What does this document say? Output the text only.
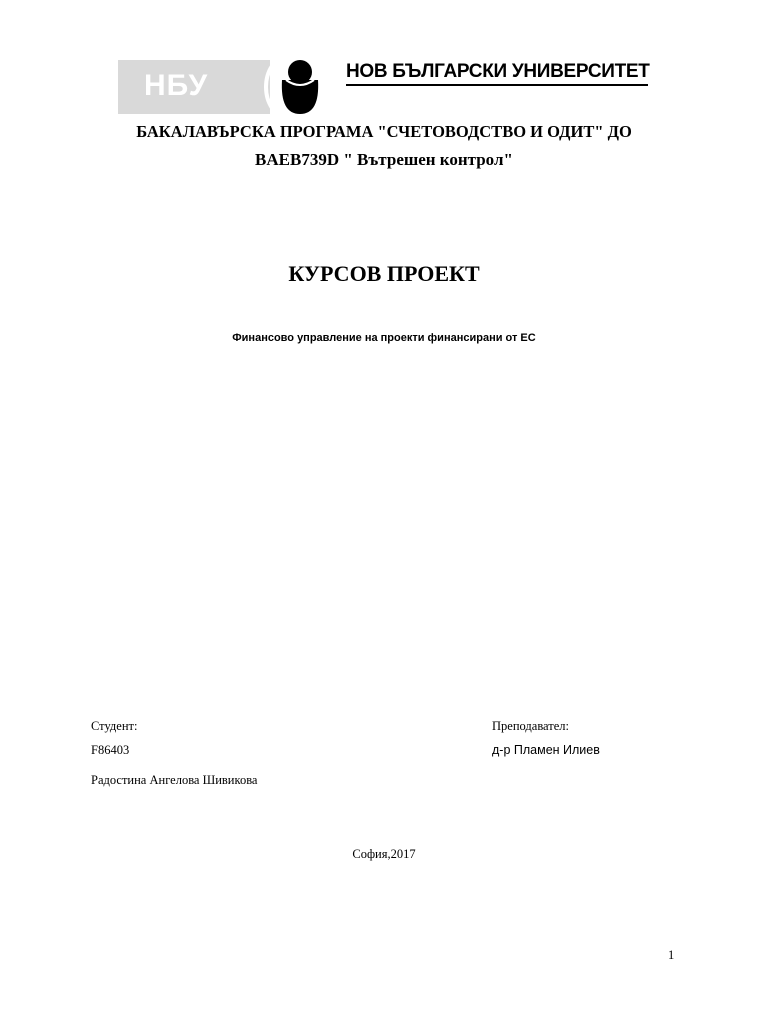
НБУ	НОВ БЪЛГАРСКИ УНИВЕРСИТЕТ
БАКАЛАВЪРСКА ПРОГРАМА "СЧЕТОВОДСТВО И ОДИТ" ДО
BAEB739D " Вътрешен контрол"
КУРСОВ ПРОЕКТ
Финансово управление на проекти финансирани от ЕС
Студент:
F86403
Радостина Ангелова Шивикова
Преподавател:
д-р Пламен Илиев
София,2017
1
